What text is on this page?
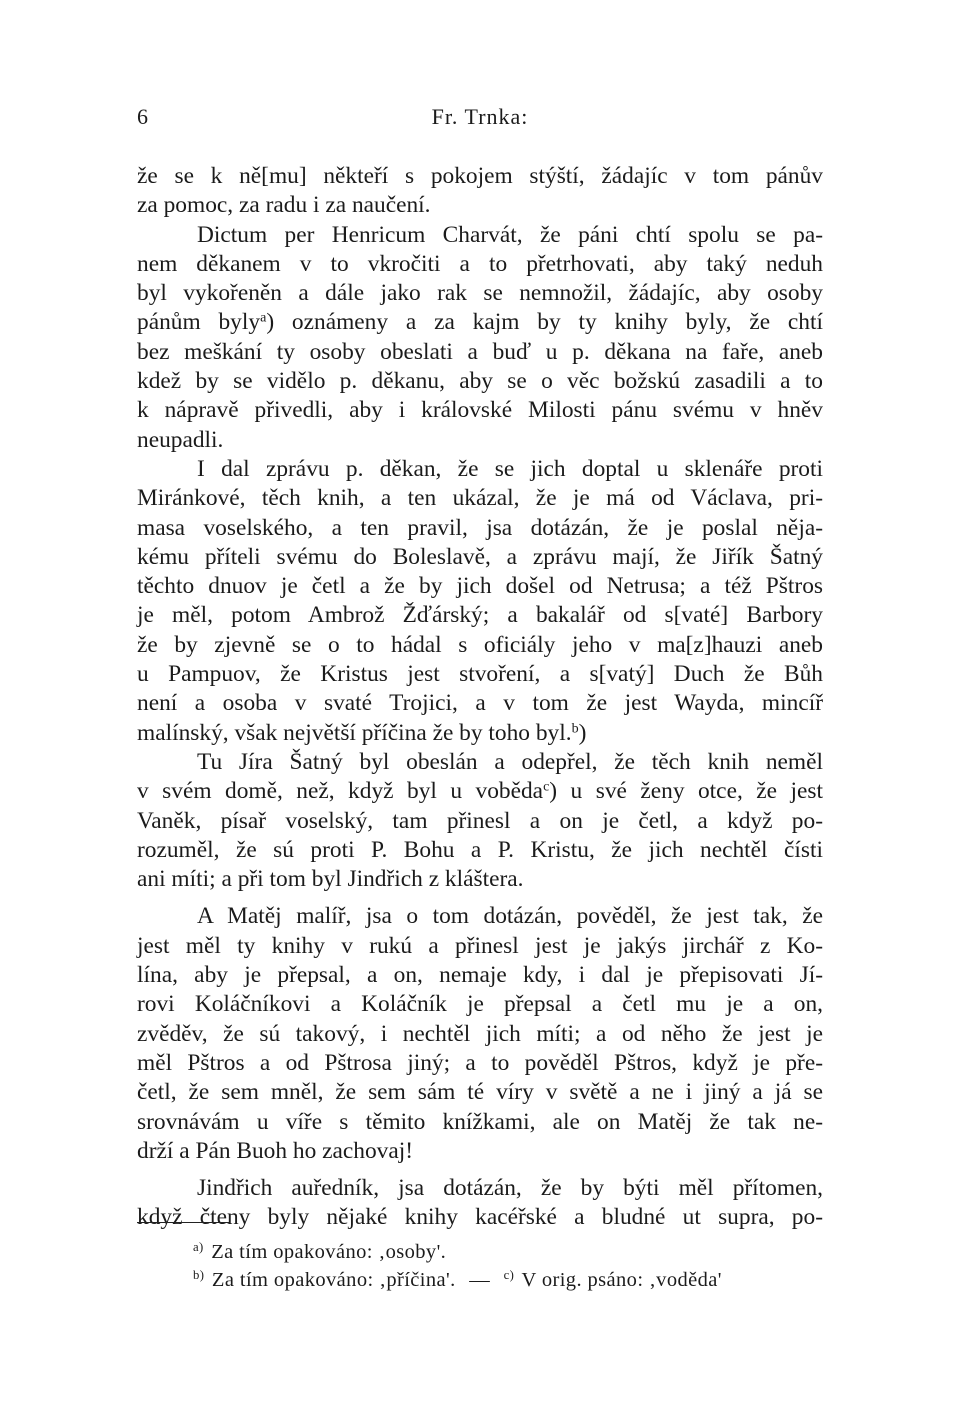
6	Fr. Trnka:
že se k ně[mu] někteří s pokojem stýští, žádajíc v tom pánův
za pomoc, za radu i za naučení.
Dictum per Henricum Charvát, že páni chtí spolu se pa-
nem děkanem v to vkročiti a to přetrhovati, aby taký neduh
byl vykořeněn a dále jako rak se nemnožil, žádajíc, aby osoby
pánům byly$^a$) oznámeny a za kajm by ty knihy byly, že chtí
bez meškání ty osoby obeslati a buď u p. děkana na faře, aneb
kdež by se vidělo p. děkanu, aby se o věc božskú zasadili a to
k nápravě přivedli, aby i královské Milosti pánu svému v hněv
neupadli.
I dal zprávu p. děkan, že se jich doptal u sklenáře proti
Miránkové, těch knih, a ten ukázal, že je má od Václava, pri-
masa voselského, a ten pravil, jsa dotázán, že je poslal něja-
kému příteli svému do Boleslavě, a zprávu mají, že Jiřík Šatný
těchto dnuov je četl a že by jich došel od Netrusa; a též Pštros
je měl, potom Ambrož Žďárský; a bakalář od s[vaté] Barbory
že by zjevně se o to hádal s oficiály jeho v ma[z]hauzi aneb
u Pampuov, že Kristus jest stvoření, a s[vatý] Duch že Bůh
není a osoba v svaté Trojici, a v tom že jest Wayda, mincíř
malínský, však největší příčina že by toho byl.$^b$)
Tu Jíra Šatný byl obeslán a odepřel, že těch knih neměl
v svém domě, než, když byl u voběda$^c$) u své ženy otce, že jest
Vaněk, písař voselský, tam přinesl a on je četl, a když po-
rozuměl, že sú proti P. Bohu a P. Kristu, že jich nechtěl čísti
ani míti; a při tom byl Jindřich z kláštera.
A Matěj malíř, jsa o tom dotázán, pověděl, že jest tak, že
jest měl ty knihy v rukú a přinesl jest je jakýs jirchář z Ko-
lína, aby je přepsal, a on, nemaje kdy, i dal je přepisovati Jí-
rovi Koláčníkovi a Koláčník je přepsal a četl mu je a on,
zvěděv, že sú takový, i nechtěl jich míti; a od něho že jest je
měl Pštros a od Pštrosa jiný; a to pověděl Pštros, když je pře-
četl, že sem mněl, že sem sám té víry v světě a ne i jiný a já se
srovnávám u víře s těmito knížkami, ale on Matěj že tak ne-
drží a Pán Buoh ho zachovaj!
Jindřich auředník, jsa dotázán, že by býti měl přítomen,
když čteny byly nějaké knihy kacéřské a bludné ut supra, po-
$^{a)}$ Za tím opakováno: ‚osoby'.
$^{b)}$ Za tím opakováno: ‚příčina'. — $^{c)}$ V orig. psáno: ‚voděda'
